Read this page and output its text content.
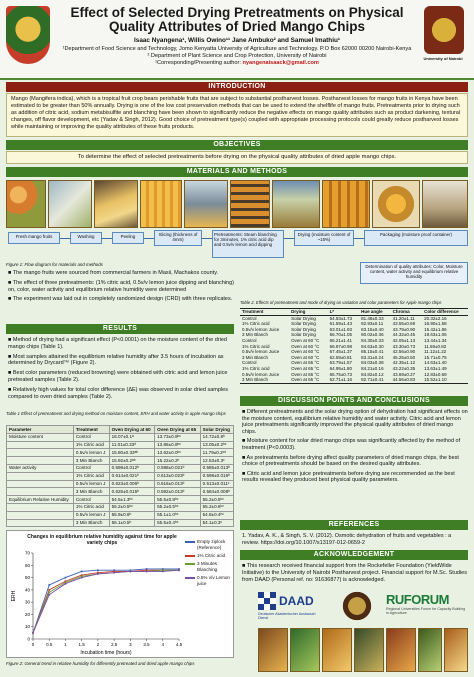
Effect of Selected Drying Pretreatments on Physical
Quality Attributes of Dried Mango Chips
Isaac Nyangena¹, Willis Owino¹¹ Jane Ambuko² and Samuel Imathiu¹
¹Department of Food Science and Technology, Jomo Kenyatta University of Agriculture and Technology. P.O Box 62000 00200 Nairobi-Kenya
² Department of Plant Science and Crop Protection, University of Nairobi
¹Corresponding/Presenting author: nyangenaisaack@gmail.com
University of Nairobi
INTRODUCTION
Mango (Mangifera indica), which is a tropical fruit crop bears perishable fruits that are subject to substantial postharvest losses. Postharvest losses for mango fruits in Kenya have been estimated to be greater than 50% annually. Drying is one of the low cost preservation methods that can be used to extend the shelflife of mango fruits. Pretreatments prior to drying such as addition of citric acid, sodium metabisulfite and blanching have been shown to significantly reduce the negative effects on mango quality attributes such as product darkening, textural changes, off flavor development, etc (Yadav & Singh, 2012). Good choice of pretreatment type(s) coupled with appropriate processing protocols could greatly reduce postharvest losses while maintaining or improving the quality attributes of these fruits products.
OBJECTIVES
To determine the effect of selected pretreatments before drying on the physical quality attributes of dried apple mango chips.
MATERIALS AND METHODS
Fresh mango fruits	Washing	Peeling	Slicing (thickness of 4mm)
Pretreatments: Steam blanching for 3minutes, 1% citric acid dip and 0.5v/v lemon acid dipping
Drying (moisture content of ~15%)
Packaging (moisture proof container)
Determination of quality attributes: Color, Moisture content, water activity and equilibrium relative humidity
Figure 1: Flow diagram for materials and methods

■ The mango fruits were sourced from commercial farmers in Masii, Machakos county.

■ The effect of three pretreatments: (1% citric acid, 0.5v/v lemon juice dipping and blanching) on, color, water activity and equilibrium relative humidity were determined

■ The experiment was laid out in completely randomized design (CRD) with three replicates.

RESULTS

■ Method of drying had a significant effect (P<0.0001) on the moisture content of the dried mango chips (Table 1).

■ Most samples attained the equilibrium relative humidity after 3.5 hours of incubation as determined by Drycard™ (Figure 2).

■ Best color parameters (reduced browning) were obtained with citric acid and lemon juice pretreated samples (Table 2).

■ Relatively high values for total color difference (ΔE) was observed in solar dried samples compared to oven dried samples (Table 2).

Table 1 Effect of pretreatment and drying method on moisture content, ERH and water activity in apple mango chips
Parameter	Treatment	Oven Drying at 60	Oven Drying at 65	Solar Drying
Moisture content	Control	18.07±0.1ᵃ	13.73±0.9ᵇᶜ	14.72±0.8ᵇ
	1% Citric acid	11.01±0.33ᵈ	13.86±0.8ᵇᶜ	13.05±0.2ᵇᶜ
	0.5v/v lemon J	15.80±0.33ᵃᵇ	13.62±0.0ᵇᶜ	11.79±0.2ᶜᵈ
	3 Min Blanch	15.92±0.2ᵃᵇ	15.22±0.2ᵇ	12.53±0.3ᶜ
Water activity	Control	0.598±0.012ᵇ	0.598±0.021ᵇ	0.585±0.013ᵇ
	1% Citric acid	0.614±0.021ᵇ	0.613±0.023ᵇ	0.598±0.016ᵇ
	0.5v/v lemon J	0.623±0.006ᵇ	0.616±0.013ᵇ	0.513±0.011ᶜ
	3 Min Blanch	0.626±0.015ᵇ	0.592±0.013ᵇ	0.584±0.008ᵇ
Equilibrium Relative Humidity	Control	54.5±1.3ᵇᶜ	55.5±0.8ᵇᶜ	55.2±0.5ᵇᶜ
	1% Citric acid	55.2±0.5ᵇᶜ	55.2±0.5ᵇᶜ	55.2±0.6ᵇᶜ
	0.5v/v lemon J	55.9±0.6ᵇ	55.1±1.0ᵇᶜ	54.8±0.4ᵇᶜ
	3 Min Blanch	56.1±0.5ᵇ	55.5±0.4ᵇᶜ	54.1±0.3ᶜ
Changes in equilibrium relative humidity against time for apple variety chips
0
10
20
30
40
50
60
70
0	0.5	1	1.5	2	2.5	3	3.5	4	4.5
Incubation time (hours)
ERH
Empty ziplock (Reference)
1% Citric acid
3 Minutes Blanching
0.5% v/v Lemon juice
Figure 2: General trend in relative humidity for differently pretreated and dried apple mango chips
Table 2. Effects of pretreatment and mode of drying on variation and color parameters for Apple mango chips
Treatment	Drying	L*	Hue angle	Chroma	Color difference
Control	Solar Drying	54.93±1.73	81.48±0.33	41.20±1.11	20.32±2.16
1% Citric acid	Solar Drying	61.59±1.43	82.93±0.11	43.55±0.69	16.90±1.58
0.5v/v lemon Juice	Solar Drying	63.01±1.93	83.15±0.40	43.79±0.90	15.42±1.86
3 Min Blanch	Solar Drying	56.70±1.05	80.02±0.36	44.32±0.45	19.63±1.06
Control	Oven at 60 °C	65.21±1.41	84.30±0.33	42.05±1.13	13.44±1.34
1% Citric acid	Oven at 60 °C	66.97±0.98	84.63±0.30	43.30±0.73	11.69±0.82
0.5v/v lemon Juice	Oven at 60 °C	67.45±1.37	85.15±0.41	42.56±0.90	11.12±1.22
3 Min Blanch	Oven at 60 °C	62.59±0.81	83.31±0.24	45.25±0.50	15.71±0.75
Control	Oven at 65 °C	63.79±1.57	84.03±0.38	42.35±1.12	14.63±1.40
1% Citric acid	Oven at 65 °C	64.95±1.80	84.21±0.16	43.22±0.35	13.63±1.49
0.5v/v lemon Juice	Oven at 65 °C	65.75±0.73	84.82±0.12	43.69±0.27	12.83±0.69
3 Min Blanch	Oven at 65 °C	62.71±1.16	82.71±0.41	44.56±0.83	15.52±1.10
DISCUSSION POINTS AND CONCLUSIONS

■ Different pretreatments and the solar drying option of dehydration had significant effects on the moisture content, equilibrium relative humidity and water activity. Citric acid and lemon juice pretreatments significantly improved the physical quality attributes of dried mango chips.

■ Moisture content for solar dried mango chips was significantly affected by the method of treatment (P<0.0003).

■ As pretreatments before drying affect quality parameters of dried mango chips, the best choice of pretreatments should be based on the desired quality attributes.

■ Citric acid and lemon juice pretreatments before drying are recommended as the best results revealed they produced best physical quality parameters.

REFERENCES
1. Yadav, A. K., & Singh, S. V. (2012). Osmotic dehydration of fruits and vegetables : a review. https://doi.org/10.1007/s13197-012-0659-2
ACKNOWLEDGEMENT
■ This research received financial support from the Rockefeller Foundation (YieldWide Initiative) to the University of Nairobi Postharvest project. Financial support for M.Sc. Studies from DAAD (Personal ref. no: 91636877) is acknowledged.
DAAD
Deutscher Akademischer Austausch Dienst
RUFORUM
Regional Universities Forum for Capacity Building in Agriculture
